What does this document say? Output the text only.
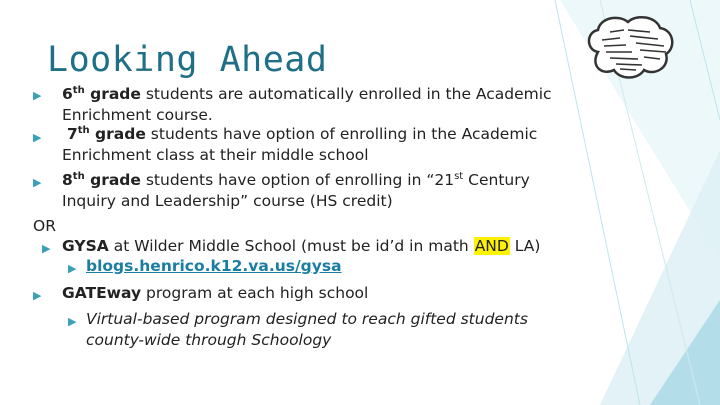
Looking Ahead
▶ 6th grade students are automatically enrolled in the Academic
Enrichment course.
▶	7th grade students have option of enrolling in the Academic
Enrichment class at their middle school
▶ 8th grade students have option of enrolling in “21st Century
Inquiry and Leadership” course (HS credit)
OR
▶ GYSA at Wilder Middle School (must be id’d in math AND LA)
▶ blogs.henrico.k12.va.us/gysa
▶ GATEway program at each high school
▶ Virtual-based program designed to reach gifted students
county-wide through Schoology
